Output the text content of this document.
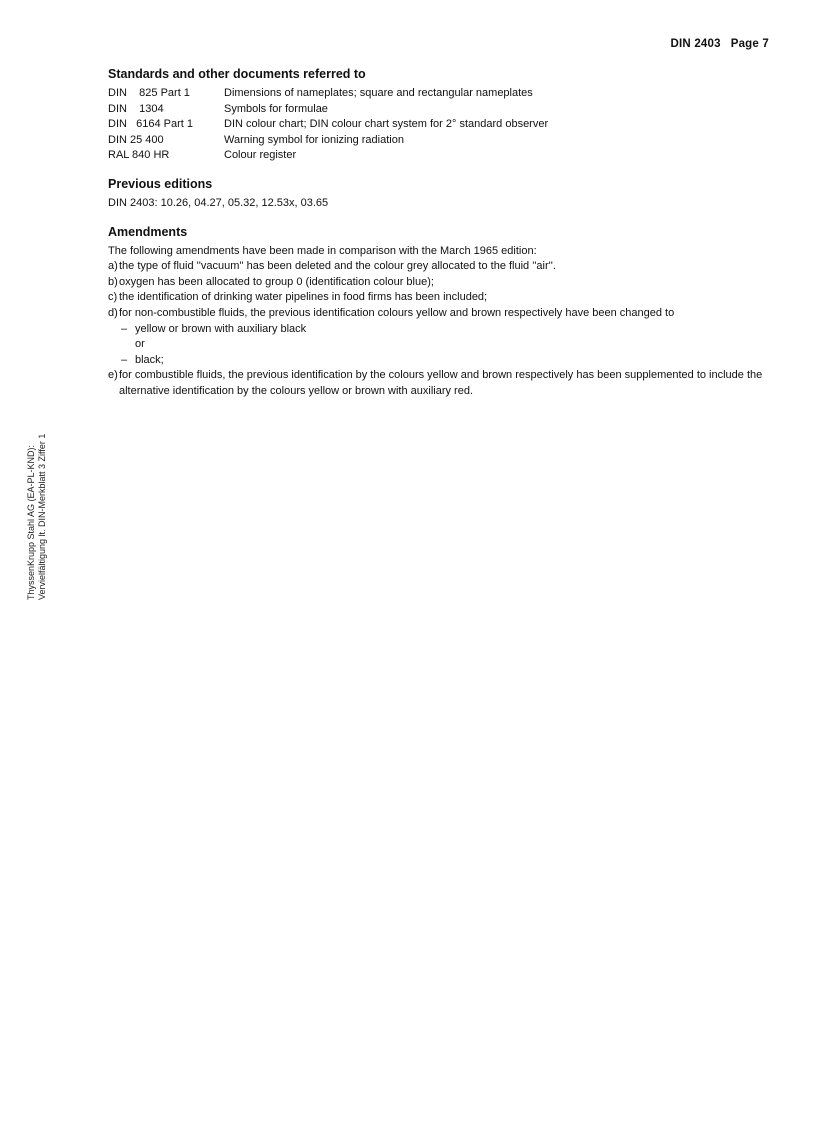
DIN 2403 Page 7
ThyssenKrupp Stahl AG (EA-PL-KND): Vervielfältigung lt. DIN-Merkblatt 3 Ziffer 1
Standards and other documents referred to
DIN    825 Part 1	Dimensions of nameplates; square and rectangular nameplates
DIN    1304	Symbols for formulae
DIN   6164 Part 1	DIN colour chart; DIN colour chart system for 2° standard observer
DIN 25 400	Warning symbol for ionizing radiation
RAL 840 HR	Colour register
Previous editions
DIN 2403: 10.26, 04.27, 05.32, 12.53x, 03.65
Amendments

The following amendments have been made in comparison with the March 1965 edition:

a) the type of fluid ''vacuum'' has been deleted and the colour grey allocated to the fluid ''air''.
b) oxygen has been allocated to group 0 (identification colour blue);
c) the identification of drinking water pipelines in food firms has been included;
d) for non-combustible fluids, the previous identification colours yellow and brown respectively have been changed to
– yellow or brown with auxiliary black
or
– black;
e) for combustible fluids, the previous identification by the colours yellow and brown respectively has been supplemented to include the alternative identification by the colours yellow or brown with auxiliary red.
